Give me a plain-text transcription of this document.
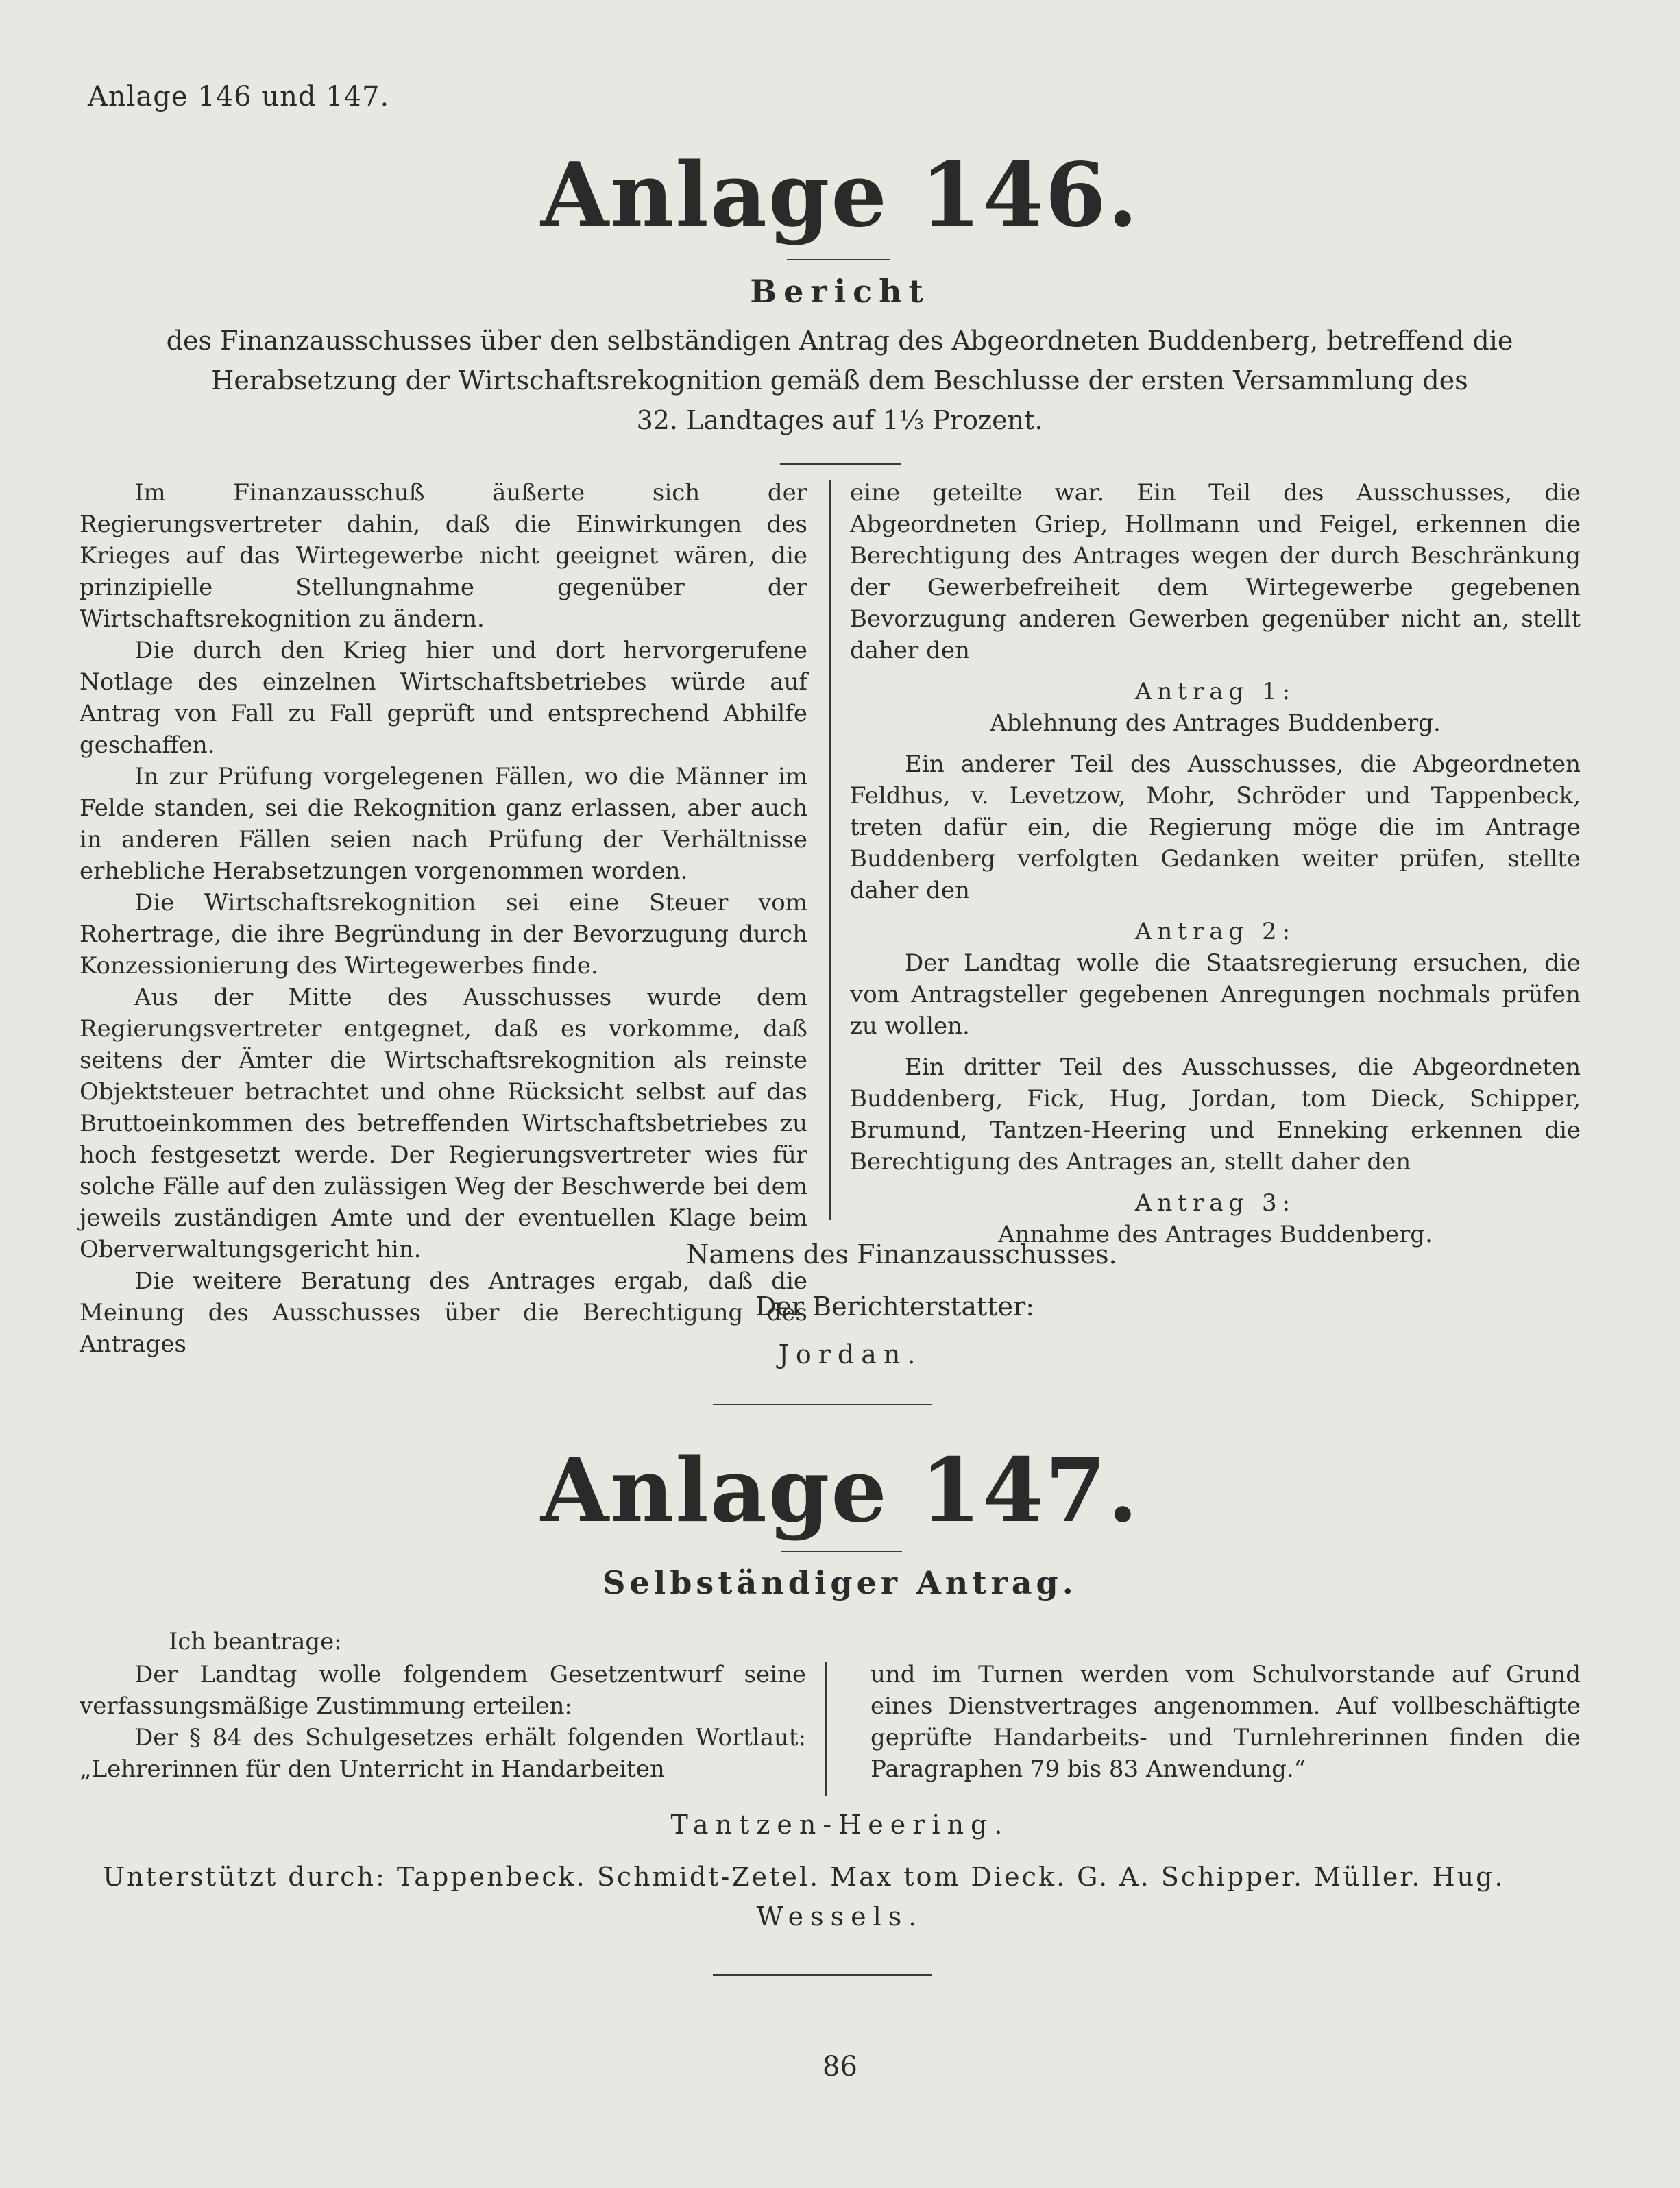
Anlage 146 und 147.
Anlage 146.
Bericht
des Finanzausschusses über den selbständigen Antrag des Abgeordneten Buddenberg, betreffend die
Herabsetzung der Wirtschaftsrekognition gemäß dem Beschlusse der ersten Versammlung des
32. Landtages auf 1⅓ Prozent.

Im Finanzausschuß äußerte sich der Regierungsvertreter dahin, daß die Einwirkungen des Krieges auf das Wirtegewerbe nicht geeignet wären, die prinzipielle Stellungnahme gegenüber der Wirtschaftsrekognition zu ändern.

Die durch den Krieg hier und dort hervorgerufene Notlage des einzelnen Wirtschaftsbetriebes würde auf Antrag von Fall zu Fall geprüft und entsprechend Abhilfe geschaffen.

In zur Prüfung vorgelegenen Fällen, wo die Männer im Felde standen, sei die Rekognition ganz erlassen, aber auch in anderen Fällen seien nach Prüfung der Verhältnisse erhebliche Herabsetzungen vorgenommen worden.

Die Wirtschaftsrekognition sei eine Steuer vom Rohertrage, die ihre Begründung in der Bevorzugung durch Konzessionierung des Wirtegewerbes finde.

Aus der Mitte des Ausschusses wurde dem Regierungsvertreter entgegnet, daß es vorkomme, daß seitens der Ämter die Wirtschaftsrekognition als reinste Objektsteuer betrachtet und ohne Rücksicht selbst auf das Bruttoeinkommen des betreffenden Wirtschaftsbetriebes zu hoch festgesetzt werde. Der Regierungsvertreter wies für solche Fälle auf den zulässigen Weg der Beschwerde bei dem jeweils zuständigen Amte und der eventuellen Klage beim Oberverwaltungsgericht hin.

Die weitere Beratung des Antrages ergab, daß die Meinung des Ausschusses über die Berechtigung des Antrages

eine geteilte war. Ein Teil des Ausschusses, die Abgeordneten Griep, Hollmann und Feigel, erkennen die Berechtigung des Antrages wegen der durch Beschränkung der Gewerbefreiheit dem Wirtegewerbe gegebenen Bevorzugung anderen Gewerben gegenüber nicht an, stellt daher den

Antrag 1:
Ablehnung des Antrages Buddenberg.

Ein anderer Teil des Ausschusses, die Abgeordneten Feldhus, v. Levetzow, Mohr, Schröder und Tappenbeck, treten dafür ein, die Regierung möge die im Antrage Buddenberg verfolgten Gedanken weiter prüfen, stellte daher den

Antrag 2:

Der Landtag wolle die Staatsregierung ersuchen, die vom Antragsteller gegebenen Anregungen nochmals prüfen zu wollen.

Ein dritter Teil des Ausschusses, die Abgeordneten Buddenberg, Fick, Hug, Jordan, tom Dieck, Schipper, Brumund, Tantzen-Heering und Enneking erkennen die Berechtigung des Antrages an, stellt daher den

Antrag 3:
Annahme des Antrages Buddenberg.
Namens des Finanzausschusses.
Der Berichterstatter:
Jordan.
Anlage 147.
Selbständiger Antrag.
Ich beantrage:

Der Landtag wolle folgendem Gesetzentwurf seine verfassungsmäßige Zustimmung erteilen:

Der § 84 des Schulgesetzes erhält folgenden Wortlaut: „Lehrerinnen für den Unterricht in Handarbeiten

und im Turnen werden vom Schulvorstande auf Grund eines Dienstvertrages angenommen. Auf vollbeschäftigte geprüfte Handarbeits- und Turnlehrerinnen finden die Paragraphen 79 bis 83 Anwendung.“

Tantzen-Heering.
Unterstützt durch: Tappenbeck. Schmidt-Zetel. Max tom Dieck. G. A. Schipper. Müller. Hug.
Wessels.
86
